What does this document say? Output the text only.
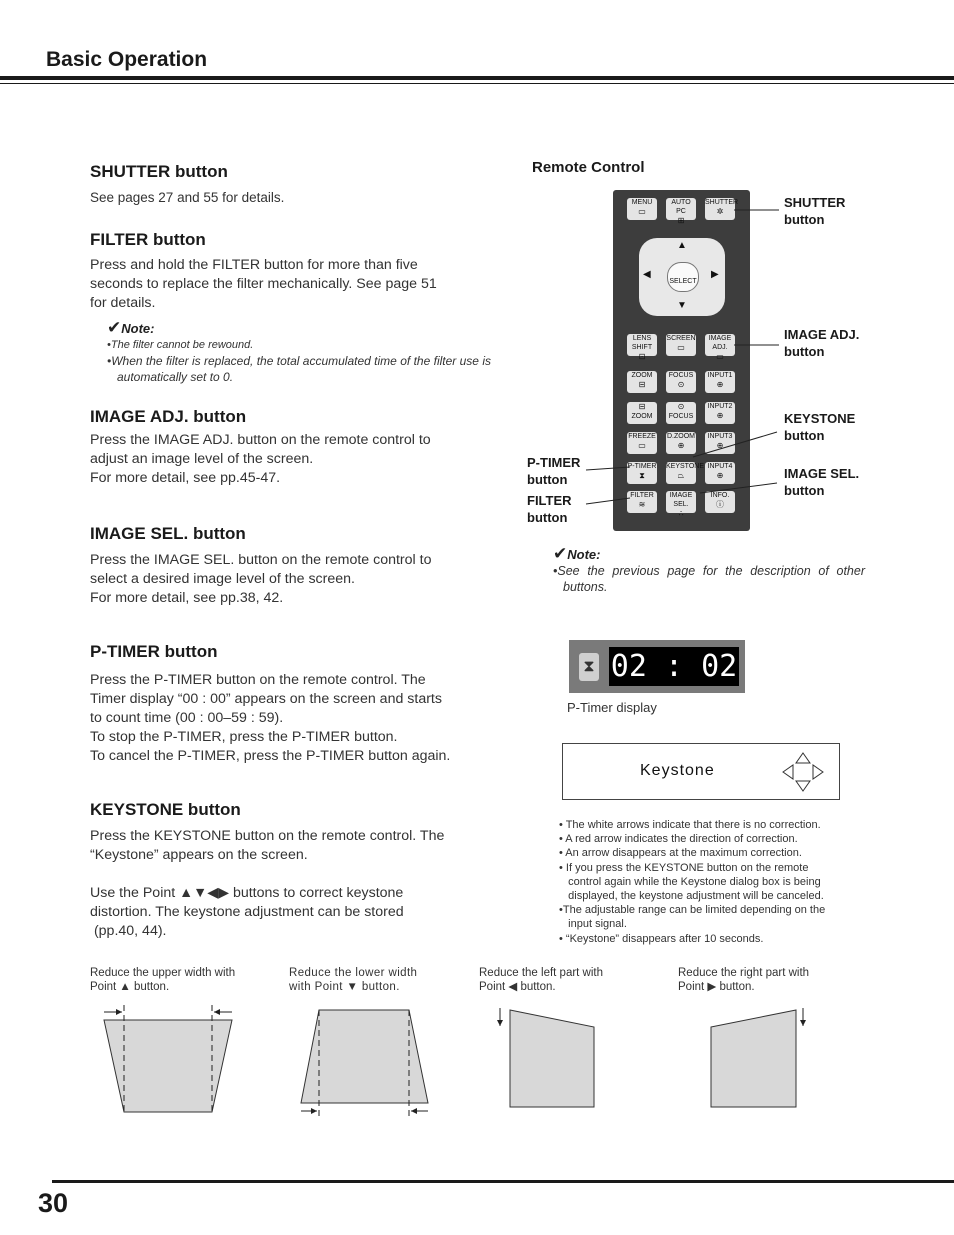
Basic Operation
SHUTTER button

See pages 27 and 55 for details.

FILTER button

Press and hold the FILTER button for more than five

seconds to replace the filter mechanically. See page 51

for details.

✔Note:

•The filter cannot be rewound.

•When the filter is replaced, the total accumulated time of the filter use is automatically set to 0.

IMAGE ADJ. button

Press the IMAGE ADJ. button on the remote control to

adjust an image level of the screen.

For more detail, see pp.45-47.

IMAGE SEL. button

Press the IMAGE SEL. button on the remote control to

select a desired image level of the screen.

For more detail, see pp.38, 42.

P-TIMER button

Press the P-TIMER button on the remote control. The

Timer display “00 : 00” appears on the screen and starts

to count time (00 : 00–59 : 59).

To stop the P-TIMER, press the P-TIMER button.

To cancel the P-TIMER, press the P-TIMER button again.

KEYSTONE button

Press the KEYSTONE button on the remote control. The

“Keystone” appears on the screen.

Use the Point ▲▼◀▶ buttons to correct keystone

distortion. The keystone adjustment can be stored

(pp.40, 44).

Remote Control
MENU
▭
AUTO PC
⊞
SHUTTER
✲
▲
▼
◀	▶
SELECT
LENS SHIFT
⊡
SCREEN
▭
IMAGE ADJ.
▭
ZOOM
⊟
FOCUS
⊙
INPUT1
⊕
⊟
ZOOM
⊙
FOCUS
INPUT2
⊕
FREEZE
▭
D.ZOOM
⊕
INPUT3
⊕
P-TIMER
⧗
KEYSTONE
⏢
INPUT4
⊕
FILTER
≋
IMAGE SEL.
∴
INFO.
ⓘ
SHUTTER
button
IMAGE ADJ.
button
KEYSTONE
button
IMAGE SEL.
button
P-TIMER
button
FILTER
button
✔Note:

•See the previous page for the description of other buttons.

⧗ 02 : 02
P-Timer display
Keystone

• The white arrows indicate that there is no correction.

• A red arrow indicates the direction of correction.

• An arrow disappears at the maximum correction.

• If you press the KEYSTONE button on the remote

control again while the Keystone dialog box is being

displayed, the keystone adjustment will be canceled.

•The adjustable range can be limited depending on the

input signal.

• “Keystone” disappears after 10 seconds.

Reduce the upper width with
Point ▲ button.
Reduce the lower width
with Point ▼ button.
Reduce the left part with
Point ◀ button.
Reduce the right part with
Point ▶ button.
30
